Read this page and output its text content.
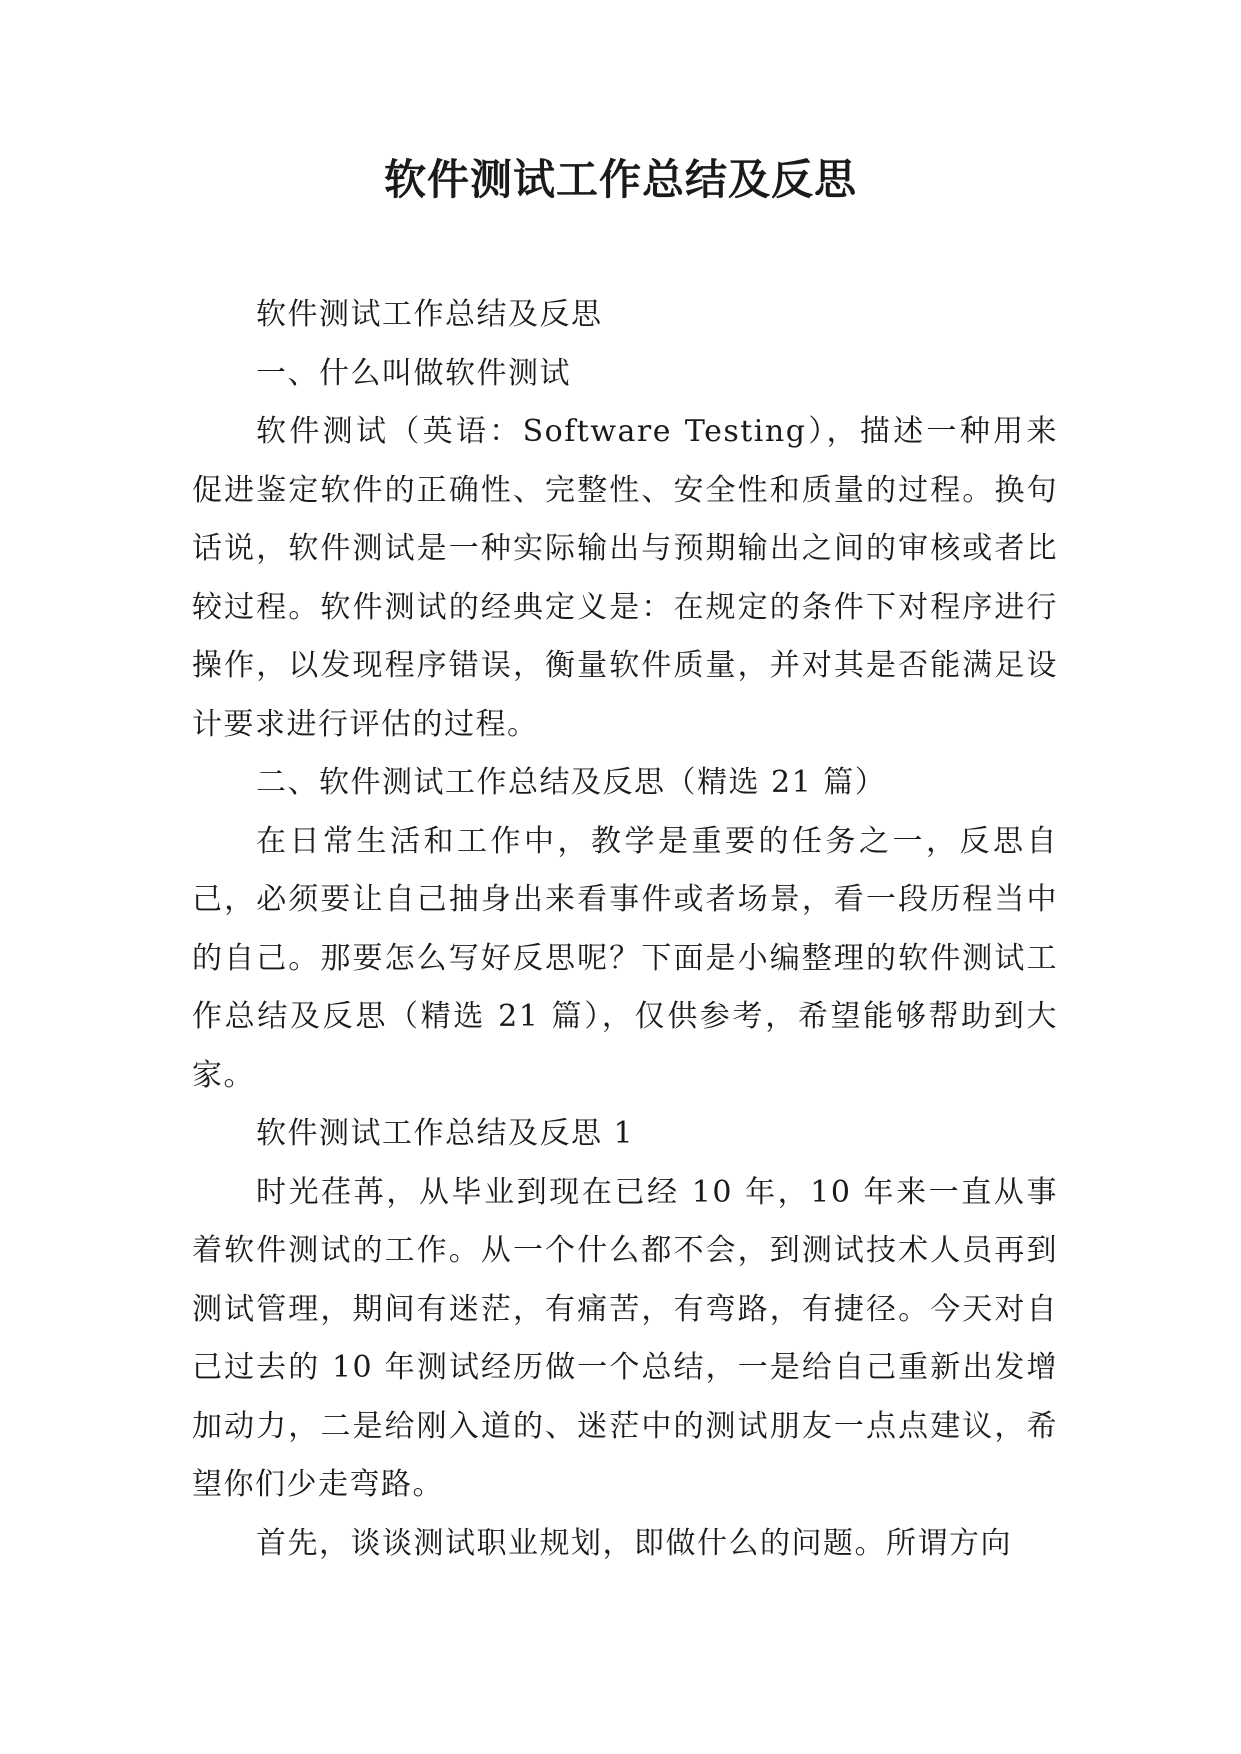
软件测试工作总结及反思

软件测试工作总结及反思

一、什么叫做软件测试

软件测试（英语：Software Testing），描述一种用来促进鉴定软件的正确性、完整性、安全性和质量的过程。换句话说，软件测试是一种实际输出与预期输出之间的审核或者比较过程。软件测试的经典定义是：在规定的条件下对程序进行操作，以发现程序错误，衡量软件质量，并对其是否能满足设计要求进行评估的过程。

二、软件测试工作总结及反思（精选 21 篇）

在日常生活和工作中，教学是重要的任务之一，反思自己，必须要让自己抽身出来看事件或者场景，看一段历程当中的自己。那要怎么写好反思呢？下面是小编整理的软件测试工作总结及反思（精选 21 篇），仅供参考，希望能够帮助到大家。

软件测试工作总结及反思 1

时光荏苒，从毕业到现在已经 10 年，10 年来一直从事着软件测试的工作。从一个什么都不会，到测试技术人员再到测试管理，期间有迷茫，有痛苦，有弯路，有捷径。今天对自己过去的 10 年测试经历做一个总结，一是给自己重新出发增加动力，二是给刚入道的、迷茫中的测试朋友一点点建议，希望你们少走弯路。

首先，谈谈测试职业规划，即做什么的问题。所谓方向
